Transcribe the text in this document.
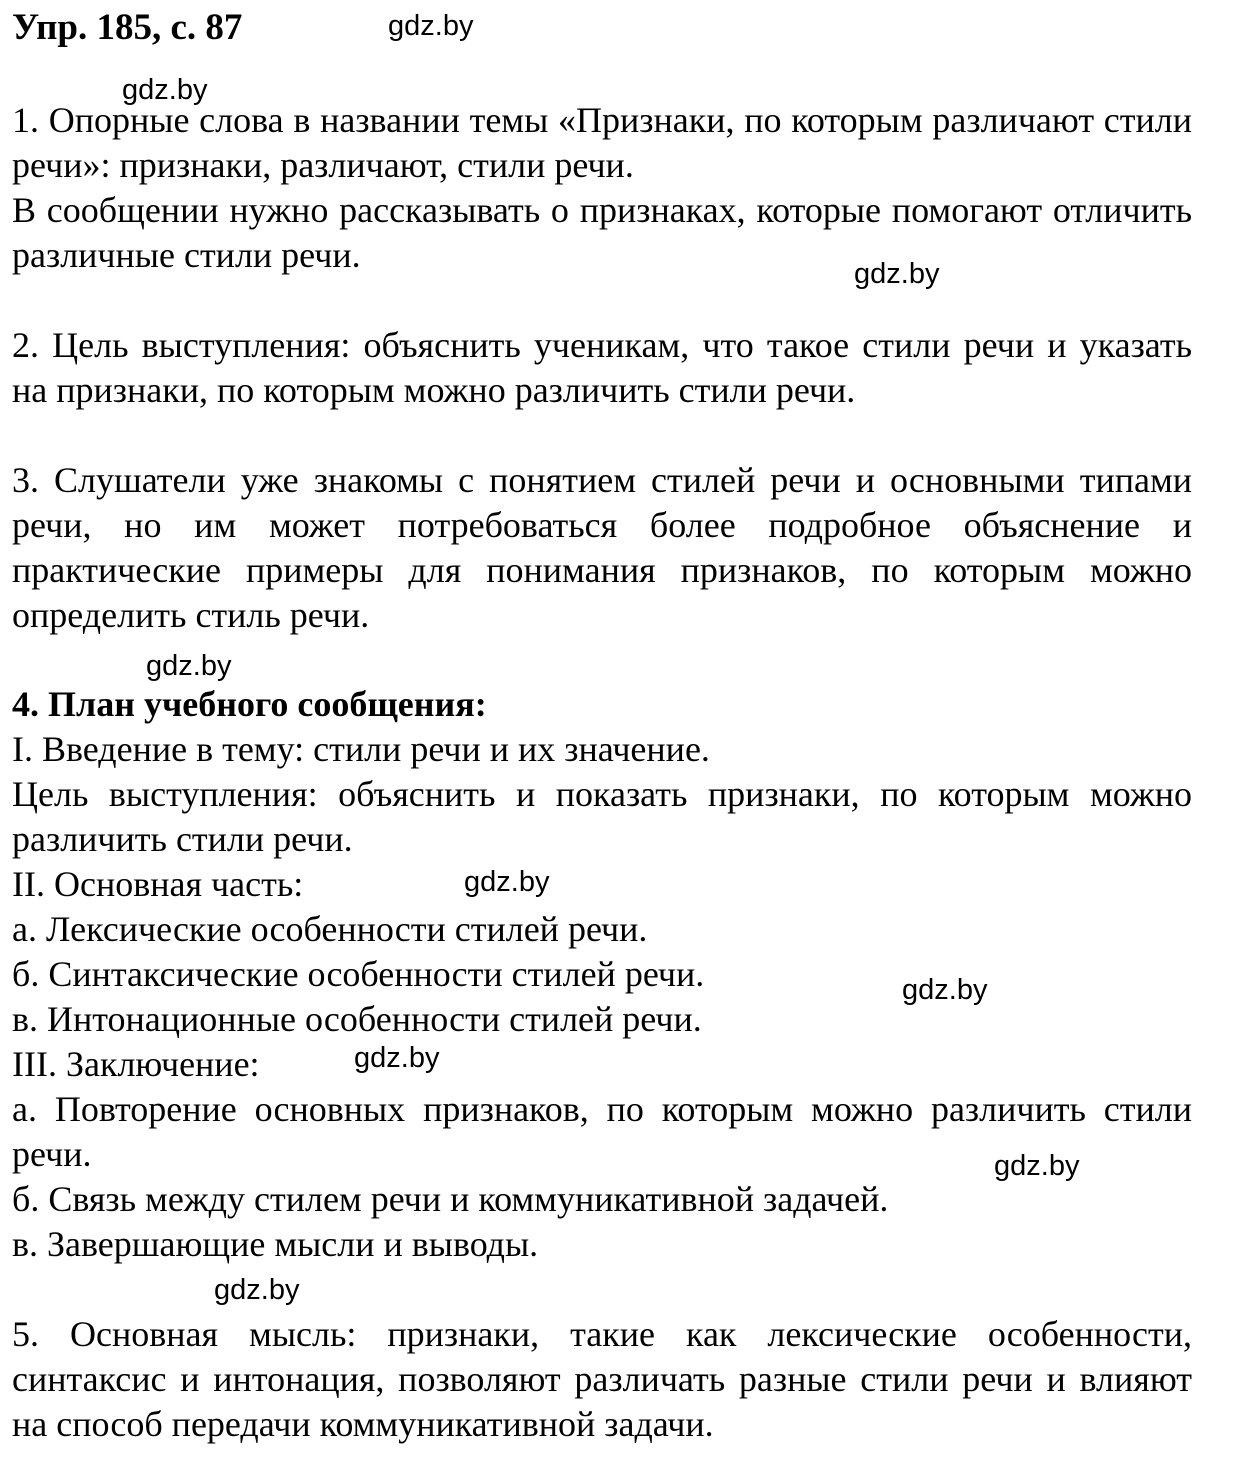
Упр. 185, с. 87

1. Опорные слова в названии темы «Признаки, по которым различают стили речи»: признаки, различают, стили речи.

В сообщении нужно рассказывать о признаках, которые помогают отличить различные стили речи.

2. Цель выступления: объяснить ученикам, что такое стили речи и указать на признаки, по которым можно различить стили речи.

3. Слушатели уже знакомы с понятием стилей речи и основными типами речи, но им может потребоваться более подробное объяснение и практические примеры для понимания признаков, по которым можно определить стиль речи.

4. План учебного сообщения:

I. Введение в тему: стили речи и их значение.

Цель выступления: объяснить и показать признаки, по которым можно различить стили речи.

II. Основная часть:

а. Лексические особенности стилей речи.

б. Синтаксические особенности стилей речи.

в. Интонационные особенности стилей речи.

III. Заключение:

а. Повторение основных признаков, по которым можно различить стили речи.

б. Связь между стилем речи и коммуникативной задачей.

в. Завершающие мысли и выводы.

5. Основная мысль: признаки, такие как лексические особенности, синтаксис и интонация, позволяют различать разные стили речи и влияют на способ передачи коммуникативной задачи.

gdz.by
gdz.by
gdz.by
gdz.by
gdz.by
gdz.by
gdz.by
gdz.by
gdz.by
